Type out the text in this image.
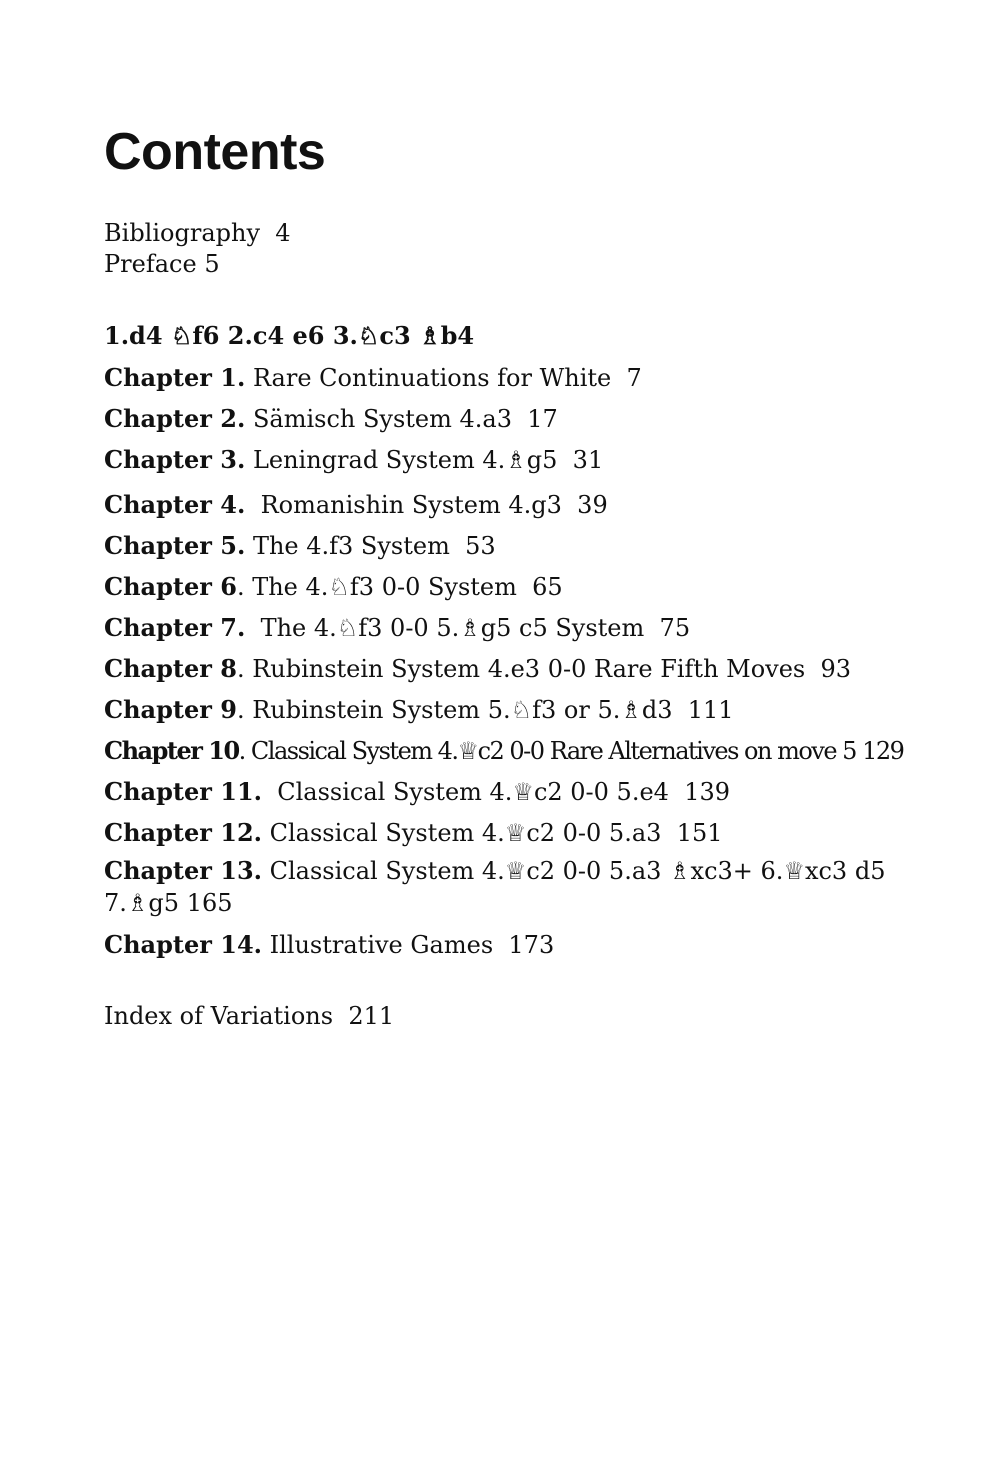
Contents
Bibliography 4
Preface 5
1.d4 ♘f6 2.c4 e6 3.♘c3 ♗b4
Chapter 1. Rare Continuations for White 7
Chapter 2. Sämisch System 4.a3 17
Chapter 3. Leningrad System 4.♗g5 31
Chapter 4. Romanishin System 4.g3 39
Chapter 5. The 4.f3 System 53
Chapter 6. The 4.♘f3 0-0 System 65
Chapter 7. The 4.♘f3 0-0 5.♗g5 c5 System 75
Chapter 8. Rubinstein System 4.e3 0-0 Rare Fifth Moves 93
Chapter 9. Rubinstein System 5.♘f3 or 5.♗d3 111
Chapter 10. Classical System 4.♕c2 0-0 Rare Alternatives on move 5 129
Chapter 11. Classical System 4.♕c2 0-0 5.e4 139
Chapter 12. Classical System 4.♕c2 0-0 5.a3 151
Chapter 13. Classical System 4.♕c2 0-0 5.a3 ♗xc3+ 6.♕xc3 d5 7.♗g5 165
Chapter 14. Illustrative Games 173
Index of Variations 211
